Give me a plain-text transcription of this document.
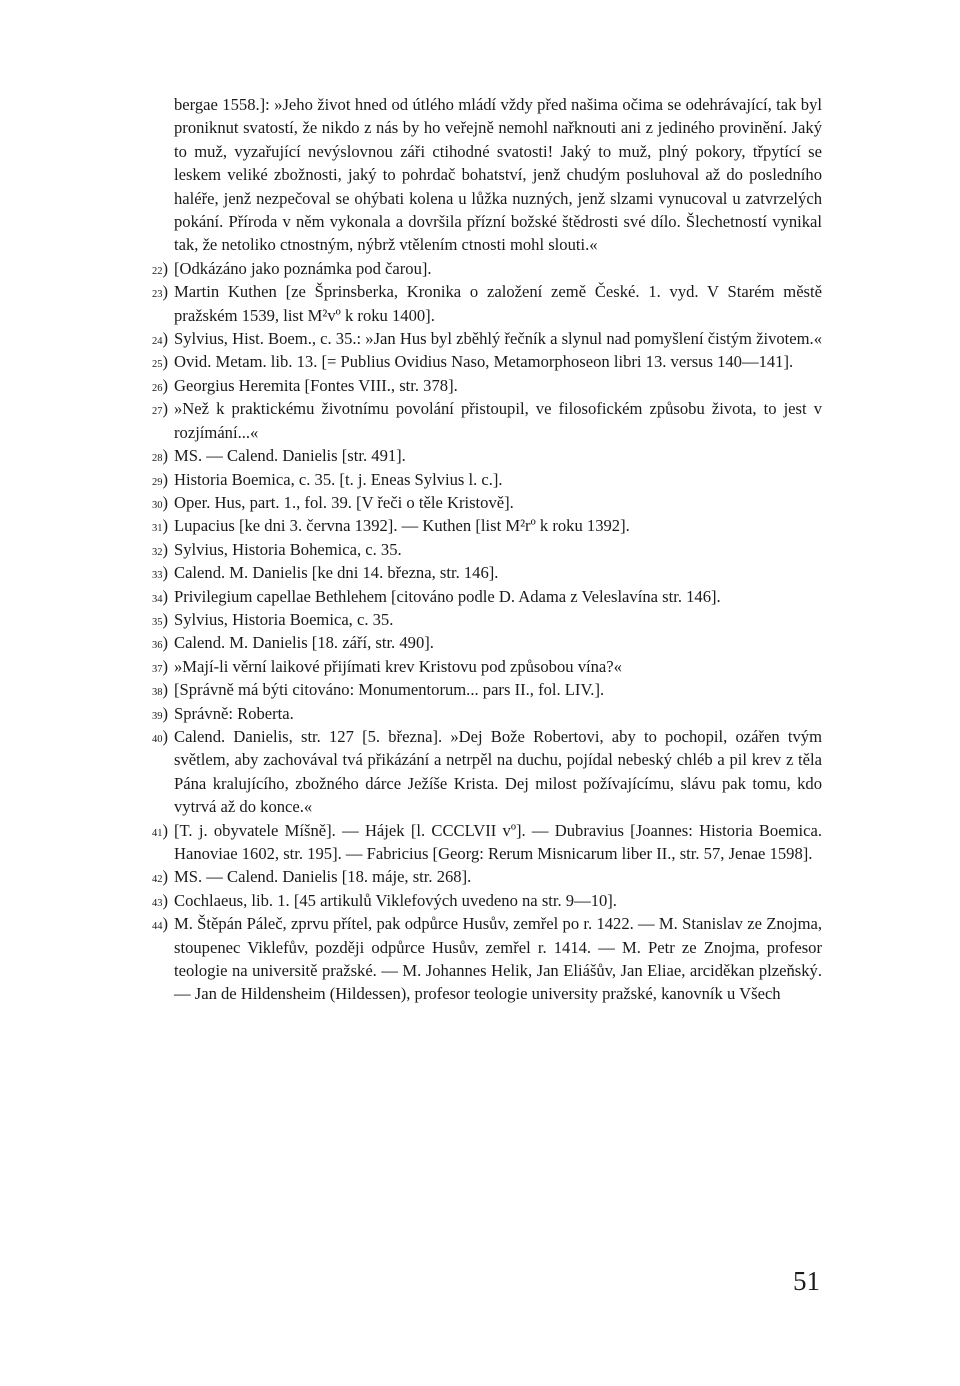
bergae 1558.]: »Jeho život hned od útlého mládí vždy před našima očima se odehrávající, tak byl proniknut svatostí, že nikdo z nás by ho veřejně nemohl nařknouti ani z jediného provinění. Jaký to muž, vyzařující nevýslovnou záři ctihodné svatosti! Jaký to muž, plný pokory, třpytící se leskem veliké zbožnosti, jaký to pohrdač bohatství, jenž chudým posluhoval až do posledního haléře, jenž nezpečoval se ohýbati kolena u lůžka nuzných, jenž slzami vynucoval u zatvrzelých pokání. Příroda v něm vykonala a dovršila přízní božské štědrosti své dílo. Šlechetností vynikal tak, že netoliko ctnostným, nýbrž vtělením ctnosti mohl slouti.«

22) [Odkázáno jako poznámka pod čarou].
23) Martin Kuthen [ze Šprinsberka, Kronika o založení země České. 1. vyd. V Starém městě pražském 1539, list M²vº k roku 1400].
24) Sylvius, Hist. Boem., c. 35.: »Jan Hus byl zběhlý řečník a slynul nad pomyšlení čistým životem.«
25) Ovid. Metam. lib. 13. [= Publius Ovidius Naso, Metamorphoseon libri 13. versus 140—141].
26) Georgius Heremita [Fontes VIII., str. 378].
27) »Než k praktickému životnímu povolání přistoupil, ve filosofickém způsobu života, to jest v rozjímání...«
28) MS. — Calend. Danielis [str. 491].
29) Historia Boemica, c. 35. [t. j. Eneas Sylvius l. c.].
30) Oper. Hus, part. 1., fol. 39. [V řeči o těle Kristově].
31) Lupacius [ke dni 3. června 1392]. — Kuthen [list M²rº k roku 1392].
32) Sylvius, Historia Bohemica, c. 35.
33) Calend. M. Danielis [ke dni 14. března, str. 146].
34) Privilegium capellae Bethlehem [citováno podle D. Adama z Veleslavína str. 146].
35) Sylvius, Historia Boemica, c. 35.
36) Calend. M. Danielis [18. září, str. 490].
37) »Mají-li věrní laikové přijímati krev Kristovu pod způsobou vína?«
38) [Správně má býti citováno: Monumentorum... pars II., fol. LIV.].
39) Správně: Roberta.
40) Calend. Danielis, str. 127 [5. března]. »Dej Bože Robertovi, aby to pochopil, ozářen tvým světlem, aby zachovával tvá přikázání a netrpěl na duchu, pojídal nebeský chléb a pil krev z těla Pána kralujícího, zbožného dárce Ježíše Krista. Dej milost požívajícímu, slávu pak tomu, kdo vytrvá až do konce.«
41) [T. j. obyvatele Míšně]. — Hájek [l. CCCLVII vº]. — Dubravius [Joannes: Historia Boemica. Hanoviae 1602, str. 195]. — Fabricius [Georg: Rerum Misnicarum liber II., str. 57, Jenae 1598].
42) MS. — Calend. Danielis [18. máje, str. 268].
43) Cochlaeus, lib. 1. [45 artikulů Viklefových uvedeno na str. 9—10].
44) M. Štěpán Páleč, zprvu přítel, pak odpůrce Husův, zemřel po r. 1422. — M. Stanislav ze Znojma, stoupenec Viklefův, později odpůrce Husův, zemřel r. 1414. — M. Petr ze Znojma, profesor teologie na universitě pražské. — M. Johannes Helik, Jan Eliášův, Jan Eliae, arciděkan plzeňský. — Jan de Hildensheim (Hildessen), profesor teologie university pražské, kanovník u Všech
51
